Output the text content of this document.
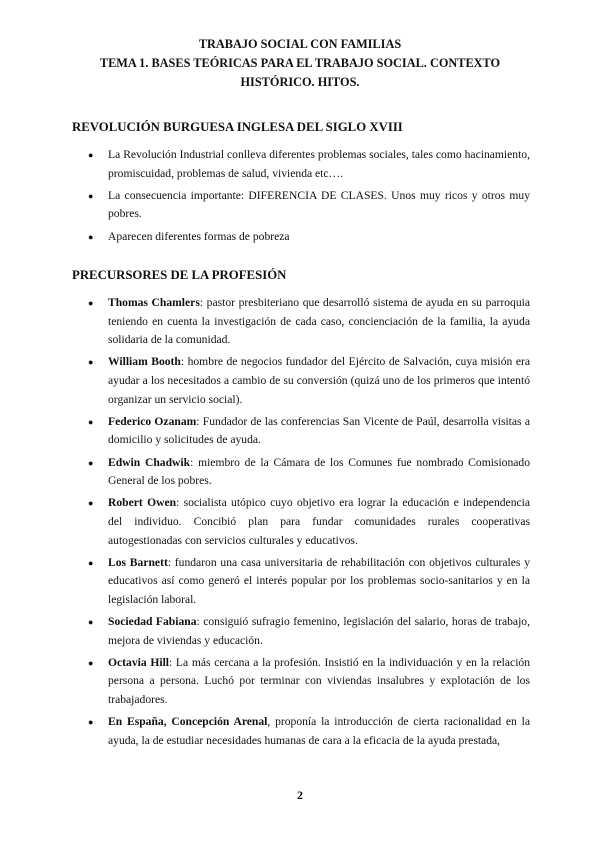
TRABAJO SOCIAL CON FAMILIAS
TEMA 1. BASES TEÓRICAS PARA EL TRABAJO SOCIAL. CONTEXTO
HISTÓRICO. HITOS.
REVOLUCIÓN BURGUESA INGLESA DEL SIGLO XVIII
● La Revolución Industrial conlleva diferentes problemas sociales, tales como hacinamiento, promiscuidad, problemas de salud, vivienda etc….
● La consecuencia importante: DIFERENCIA DE CLASES. Unos muy ricos y otros muy pobres.
● Aparecen diferentes formas de pobreza
PRECURSORES DE LA PROFESIÓN
● Thomas Chamlers: pastor presbiteriano que desarrolló sistema de ayuda en su parroquia teniendo en cuenta la investigación de cada caso, concienciación de la familia, la ayuda solidaria de la comunidad.
● William Booth: hombre de negocios fundador del Ejército de Salvación, cuya misión era ayudar a los necesitados a cambio de su conversión (quizá uno de los primeros que intentó organizar un servicio social).
● Federico Ozanam: Fundador de las conferencias San Vicente de Paúl, desarrolla visitas a domicilio y solicitudes de ayuda.
● Edwin Chadwik: miembro de la Cámara de los Comunes fue nombrado Comisionado General de los pobres.
● Robert Owen: socialista utópico cuyo objetivo era lograr la educación e independencia del individuo. Concibió plan para fundar comunidades rurales cooperativas autogestionadas con servicios culturales y educativos.
● Los Barnett: fundaron una casa universitaria de rehabilitación con objetivos culturales y educativos así como generó el interés popular por los problemas socio-sanitarios y en la legislación laboral.
● Sociedad Fabiana: consiguió sufragio femenino, legislación del salario, horas de trabajo, mejora de viviendas y educación.
● Octavia Hill: La más cercana a la profesión. Insistió en la individuación y en la relación persona a persona. Luchó por terminar con viviendas insalubres y explotación de los trabajadores.
● En España, Concepción Arenal, proponía la introducción de cierta racionalidad en la ayuda, la de estudiar necesidades humanas de cara a la eficacia de la ayuda prestada,
2
